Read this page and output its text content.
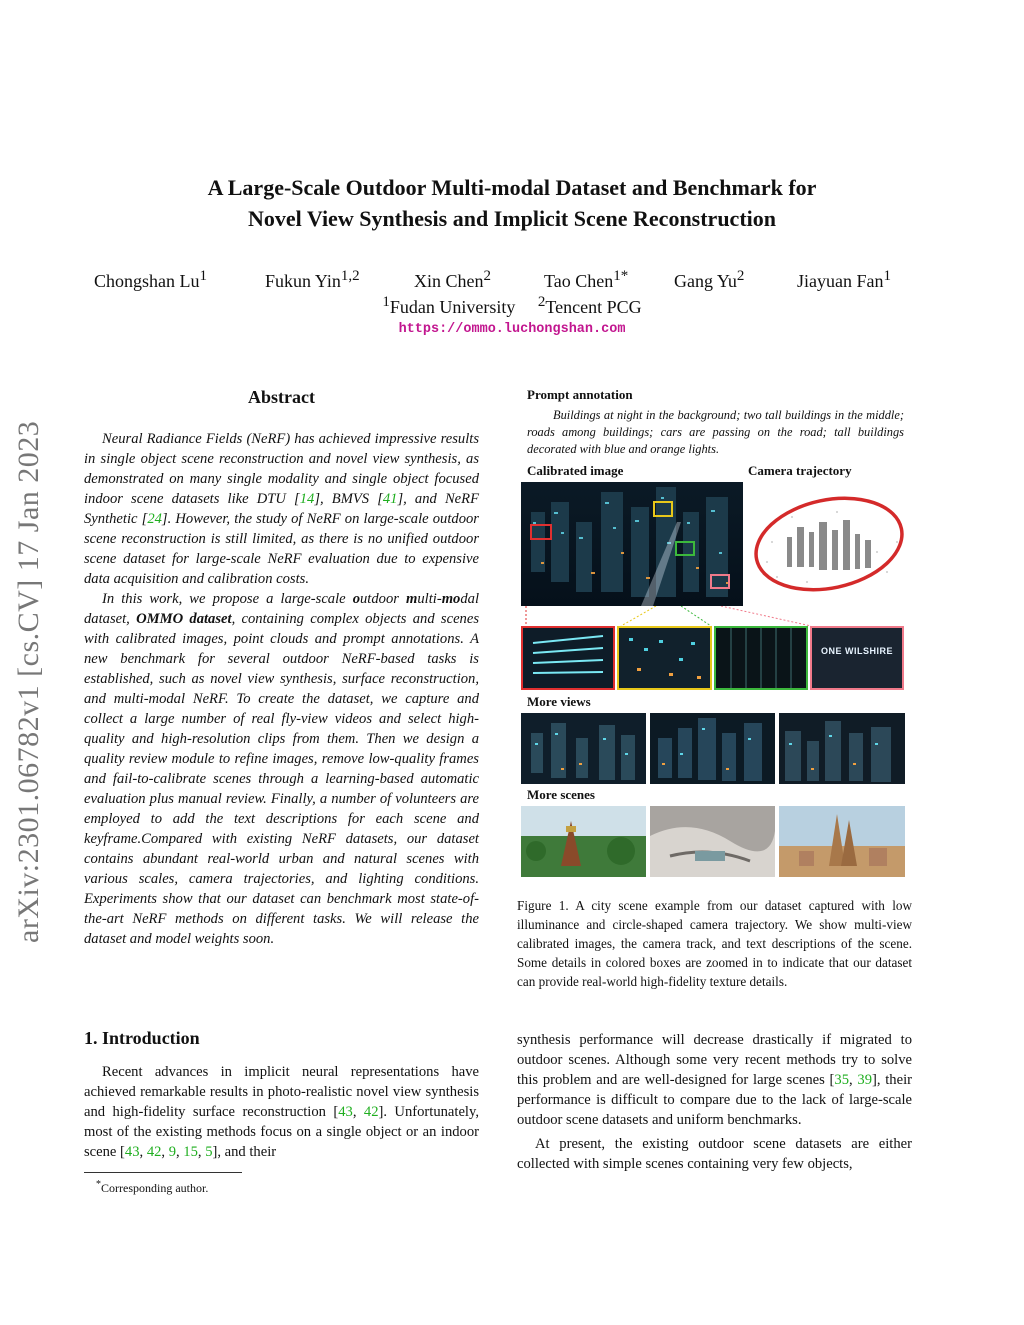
A Large-Scale Outdoor Multi-modal Dataset and Benchmark for
Novel View Synthesis and Implicit Scene Reconstruction
Chongshan Lu$^1$	Fukun Yin$^{1,2}$	Xin Chen$^2$	Tao Chen$^{1*}$	Gang Yu$^2$	Jiayuan Fan$^1$
$^1$Fudan University $^2$Tencent PCG
https://ommo.luchongshan.com
arXiv:2301.06782v1 [cs.CV] 17 Jan 2023
Abstract

Neural Radiance Fields (NeRF) has achieved impressive results in single object scene reconstruction and novel view synthesis, as demonstrated on many single modality and single object focused indoor scene datasets like DTU [14], BMVS [41], and NeRF Synthetic [24]. However, the study of NeRF on large-scale outdoor scene reconstruction is still limited, as there is no unified outdoor scene dataset for large-scale NeRF evaluation due to expensive data acquisition and calibration costs.

In this work, we propose a large-scale outdoor multi-modal dataset, OMMO dataset, containing complex objects and scenes with calibrated images, point clouds and prompt annotations. A new benchmark for several outdoor NeRF-based tasks is established, such as novel view synthesis, surface reconstruction, and multi-modal NeRF. To create the dataset, we capture and collect a large number of real fly-view videos and select high-quality and high-resolution clips from them. Then we design a quality review module to refine images, remove low-quality frames and fail-to-calibrate scenes through a learning-based automatic evaluation plus manual review. Finally, a number of volunteers are employed to add the text descriptions for each scene and keyframe.Compared with existing NeRF datasets, our dataset contains abundant real-world urban and natural scenes with various scales, camera trajectories, and lighting conditions. Experiments show that our dataset can benchmark most state-of-the-art NeRF methods on different tasks. We will release the dataset and model weights soon.

1. Introduction

Recent advances in implicit neural representations have achieved remarkable results in photo-realistic novel view synthesis and high-fidelity surface reconstruction [43, 42]. Unfortunately, most of the existing methods focus on a single object or an indoor scene [43, 42, 9, 15, 5], and their

*Corresponding author.

synthesis performance will decrease drastically if migrated to outdoor scenes. Although some very recent methods try to solve this problem and are well-designed for large scenes [35, 39], their performance is difficult to compare due to the lack of large-scale outdoor scene datasets and uniform benchmarks.

At present, the existing outdoor scene datasets are either collected with simple scenes containing very few objects,

Prompt annotation
Buildings at night in the background; two tall buildings in the middle; roads among buildings; cars are passing on the road; tall buildings decorated with blue and orange lights.
Calibrated image	Camera trajectory
ONE WILSHIRE
More views
More scenes
Figure 1. A city scene example from our dataset captured with low illuminance and circle-shaped camera trajectory. We show multi-view calibrated images, the camera track, and text descriptions of the scene. Some details in colored boxes are zoomed in to indicate that our dataset can provide real-world high-fidelity texture details.
